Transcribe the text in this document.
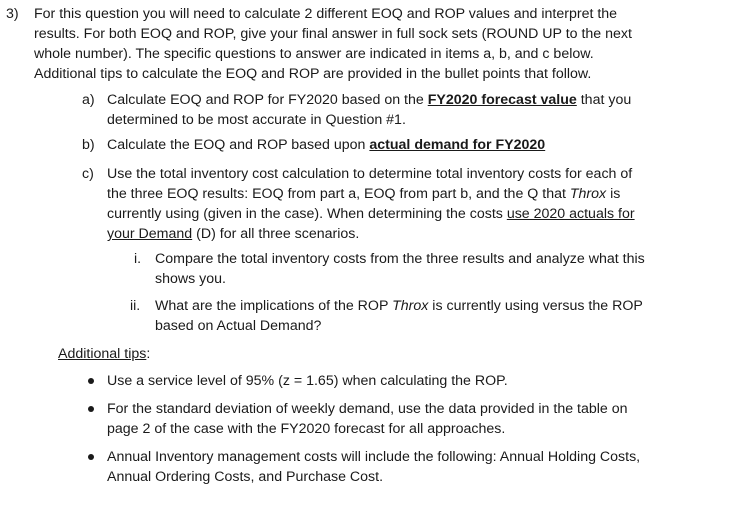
3) For this question you will need to calculate 2 different EOQ and ROP values and interpret the
results. For both EOQ and ROP, give your final answer in full sock sets (ROUND UP to the next
whole number). The specific questions to answer are indicated in items a, b, and c below.
Additional tips to calculate the EOQ and ROP are provided in the bullet points that follow.
a) Calculate EOQ and ROP for FY2020 based on the FY2020 forecast value that you
determined to be most accurate in Question #1.
b) Calculate the EOQ and ROP based upon actual demand for FY2020
c) Use the total inventory cost calculation to determine total inventory costs for each of
the three EOQ results: EOQ from part a, EOQ from part b, and the Q that Throx is
currently using (given in the case). When determining the costs use 2020 actuals for
your Demand (D) for all three scenarios.
i. Compare the total inventory costs from the three results and analyze what this
shows you.
ii. What are the implications of the ROP Throx is currently using versus the ROP
based on Actual Demand?
Additional tips:
Use a service level of 95% (z = 1.65) when calculating the ROP.
For the standard deviation of weekly demand, use the data provided in the table on
page 2 of the case with the FY2020 forecast for all approaches.
Annual Inventory management costs will include the following: Annual Holding Costs,
Annual Ordering Costs, and Purchase Cost.
